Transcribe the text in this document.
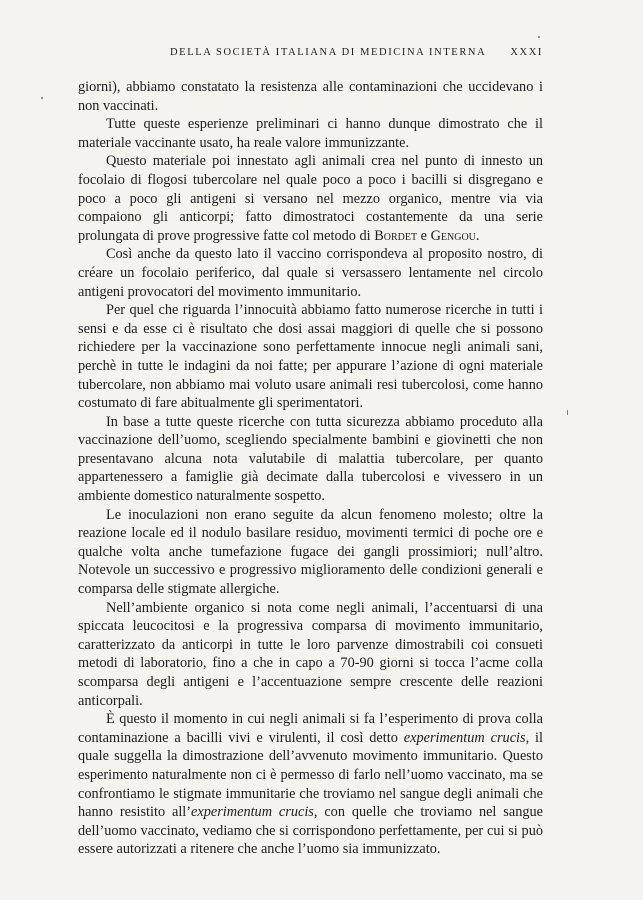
DELLA SOCIETÀ ITALIANA DI MEDICINA INTERNA XXXI

giorni), abbiamo constatato la resistenza alle contaminazioni che uccidevano i non vaccinati.

Tutte queste esperienze preliminari ci hanno dunque dimostrato che il materiale vaccinante usato, ha reale valore immunizzante.

Questo materiale poi innestato agli animali crea nel punto di innesto un focolaio di flogosi tubercolare nel quale poco a poco i bacilli si disgregano e poco a poco gli antigeni si versano nel mezzo organico, mentre via via compaiono gli anticorpi; fatto dimostratoci costantemente da una serie prolungata di prove progressive fatte col metodo di Bordet e Gengou.

Così anche da questo lato il vaccino corrispondeva al proposito nostro, di créare un focolaio periferico, dal quale si versassero lentamente nel circolo antigeni provocatori del movimento immunitario.

Per quel che riguarda l’innocuità abbiamo fatto numerose ricerche in tutti i sensi e da esse ci è risultato che dosi assai maggiori di quelle che si possono richiedere per la vaccinazione sono perfettamente innocue negli animali sani, perchè in tutte le indagini da noi fatte; per appurare l’azione di ogni materiale tubercolare, non abbiamo mai voluto usare animali resi tubercolosi, come hanno costumato di fare abitualmente gli sperimentatori.

In base a tutte queste ricerche con tutta sicurezza abbiamo proceduto alla vaccinazione dell’uomo, scegliendo specialmente bambini e giovinetti che non presentavano alcuna nota valutabile di malattia tubercolare, per quanto appartenessero a famiglie già decimate dalla tubercolosi e vivessero in un ambiente domestico naturalmente sospetto.

Le inoculazioni non erano seguite da alcun fenomeno molesto; oltre la reazione locale ed il nodulo basilare residuo, movimenti termici di poche ore e qualche volta anche tumefazione fugace dei gangli prossimiori; null’altro. Notevole un successivo e progressivo miglioramento delle condizioni generali e comparsa delle stigmate allergiche.

Nell’ambiente organico si nota come negli animali, l’accentuarsi di una spiccata leucocitosi e la progressiva comparsa di movimento immunitario, caratterizzato da anticorpi in tutte le loro parvenze dimostrabili coi consueti metodi di laboratorio, fino a che in capo a 70-90 giorni si tocca l’acme colla scomparsa degli antigeni e l’accentuazione sempre crescente delle reazioni anticorpali.

È questo il momento in cui negli animali si fa l’esperimento di prova colla contaminazione a bacilli vivi e virulenti, il così detto experimentum crucis, il quale suggella la dimostrazione dell’avvenuto movimento immunitario. Questo esperimento naturalmente non ci è permesso di farlo nell’uomo vaccinato, ma se confrontiamo le stigmate immunitarie che troviamo nel sangue degli animali che hanno resistito all’experimentum crucis, con quelle che troviamo nel sangue dell’uomo vaccinato, vediamo che si corrispondono perfettamente, per cui si può essere autorizzati a ritenere che anche l’uomo sia immunizzato.
